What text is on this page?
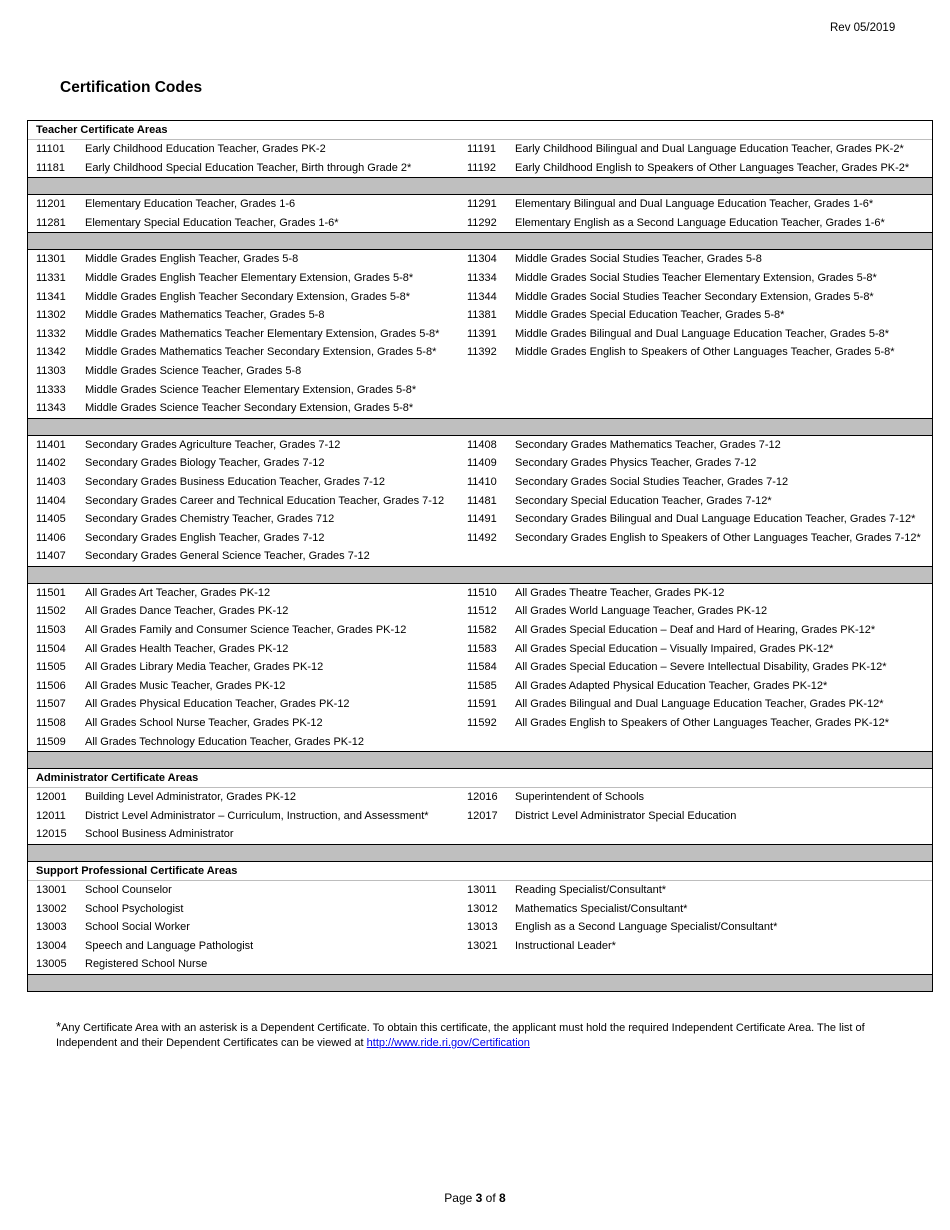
Rev 05/2019
Certification Codes
Teacher Certificate Areas
11101 Early Childhood Education Teacher, Grades PK-2	11191 Early Childhood Bilingual and Dual Language Education Teacher, Grades PK-2*
11181 Early Childhood Special Education Teacher, Birth through Grade 2*	11192 Early Childhood English to Speakers of Other Languages Teacher, Grades PK-2*
11201 Elementary Education Teacher, Grades 1-6	11291 Elementary Bilingual and Dual Language Education Teacher, Grades 1-6*
11281 Elementary Special Education Teacher, Grades 1-6*	11292 Elementary English as a Second Language Education Teacher, Grades 1-6*
11301 Middle Grades English Teacher, Grades 5-8	11304 Middle Grades Social Studies Teacher, Grades 5-8
11331 Middle Grades English Teacher Elementary Extension, Grades 5-8*	11334 Middle Grades Social Studies Teacher Elementary Extension, Grades 5-8*
11341 Middle Grades English Teacher Secondary Extension, Grades 5-8*	11344 Middle Grades Social Studies Teacher Secondary Extension, Grades 5-8*
11302 Middle Grades Mathematics Teacher, Grades 5-8	11381 Middle Grades Special Education Teacher, Grades 5-8*
11332 Middle Grades Mathematics Teacher Elementary Extension, Grades 5-8*	11391 Middle Grades Bilingual and Dual Language Education Teacher, Grades 5-8*
11342 Middle Grades Mathematics Teacher Secondary Extension, Grades 5-8*	11392 Middle Grades English to Speakers of Other Languages Teacher, Grades 5-8*
11303 Middle Grades Science Teacher, Grades 5-8
11333 Middle Grades Science Teacher Elementary Extension, Grades 5-8*
11343 Middle Grades Science Teacher Secondary Extension, Grades 5-8*
11401 Secondary Grades Agriculture Teacher, Grades 7-12	11408 Secondary Grades Mathematics Teacher, Grades 7-12
11402 Secondary Grades Biology Teacher, Grades 7-12	11409 Secondary Grades Physics Teacher, Grades 7-12
11403 Secondary Grades Business Education Teacher, Grades 7-12	11410 Secondary Grades Social Studies Teacher, Grades 7-12
11404 Secondary Grades Career and Technical Education Teacher, Grades 7-12 11481 Secondary Special Education Teacher, Grades 7-12*
11405 Secondary Grades Chemistry Teacher, Grades 712	11491 Secondary Grades Bilingual and Dual Language Education Teacher, Grades 7-12*
11406 Secondary Grades English Teacher, Grades 7-12	11492 Secondary Grades English to Speakers of Other Languages Teacher, Grades 7-12*
11407 Secondary Grades General Science Teacher, Grades 7-12
11501 All Grades Art Teacher, Grades PK-12	11510 All Grades Theatre Teacher, Grades PK-12
11502 All Grades Dance Teacher, Grades PK-12	11512 All Grades World Language Teacher, Grades PK-12
11503 All Grades Family and Consumer Science Teacher, Grades PK-12	11582 All Grades Special Education – Deaf and Hard of Hearing, Grades PK-12*
11504 All Grades Health Teacher, Grades PK-12	11583 All Grades Special Education – Visually Impaired, Grades PK-12*
11505 All Grades Library Media Teacher, Grades PK-12	11584 All Grades Special Education – Severe Intellectual Disability, Grades PK-12*
11506 All Grades Music Teacher, Grades PK-12	11585 All Grades Adapted Physical Education Teacher, Grades PK-12*
11507 All Grades Physical Education Teacher, Grades PK-12	11591 All Grades Bilingual and Dual Language Education Teacher, Grades PK-12*
11508 All Grades School Nurse Teacher, Grades PK-12	11592 All Grades English to Speakers of Other Languages Teacher, Grades PK-12*
11509 All Grades Technology Education Teacher, Grades PK-12
Administrator Certificate Areas
12001 Building Level Administrator, Grades PK-12	12016 Superintendent of Schools
12011 District Level Administrator – Curriculum, Instruction, and Assessment*	12017 District Level Administrator Special Education
12015 School Business Administrator
Support Professional Certificate Areas
13001 School Counselor	13011 Reading Specialist/Consultant*
13002 School Psychologist	13012 Mathematics Specialist/Consultant*
13003 School Social Worker	13013 English as a Second Language Specialist/Consultant*
13004 Speech and Language Pathologist	13021 Instructional Leader*
13005 Registered School Nurse
*Any Certificate Area with an asterisk is a Dependent Certificate. To obtain this certificate, the applicant must hold the required Independent Certificate Area. The list of Independent and their Dependent Certificates can be viewed at http://www.ride.ri.gov/Certification
Page 3 of 8
